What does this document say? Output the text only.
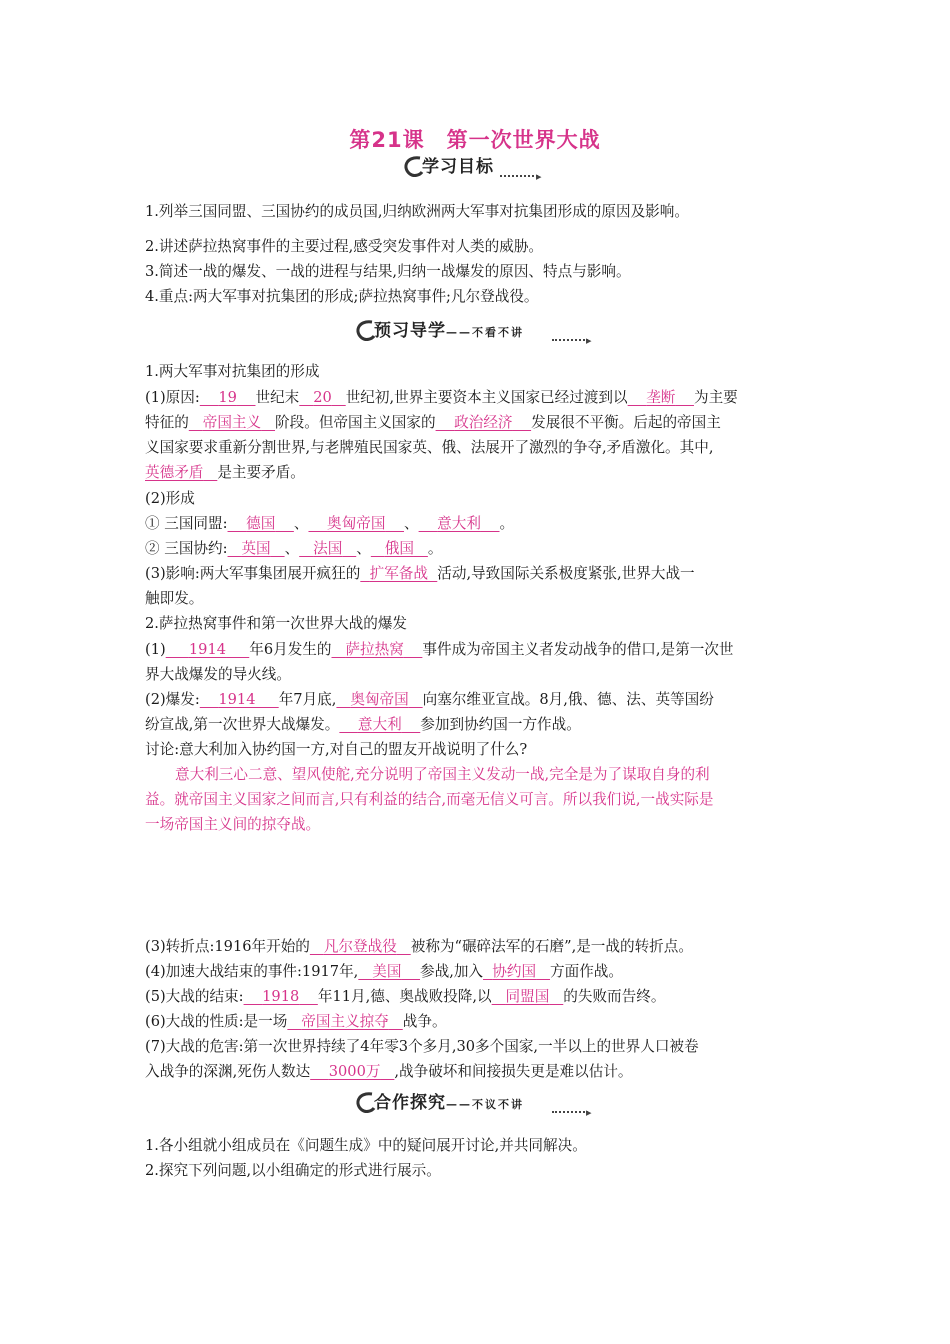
第21课　第一次世界大战
学习目标	▸
1.列举三国同盟、三国协约的成员国,归纳欧洲两大军事对抗集团形成的原因及影响。
2.讲述萨拉热窝事件的主要过程,感受突发事件对人类的威胁。
3.简述一战的爆发、一战的进程与结果,归纳一战爆发的原因、特点与影响。
4.重点:两大军事对抗集团的形成;萨拉热窝事件;凡尔登战役。
预习导学——不看不讲
▸
1.两大军事对抗集团的形成
(1)原因: 19 世纪末 20 世纪初,世界主要资本主义国家已经过渡到以 垄断 为主要
特征的 帝国主义 阶段。但帝国主义国家的 政治经济 发展很不平衡。后起的帝国主
义国家要求重新分割世界,与老牌殖民国家英、俄、法展开了激烈的争夺,矛盾激化。其中,
英德矛盾 是主要矛盾。
(2)形成
① 三国同盟: 德国 、 奥匈帝国 、 意大利 。
② 三国协约: 英国 、 法国 、 俄国 。
(3)影响:两大军事集团展开疯狂的 扩军备战 活动,导致国际关系极度紧张,世界大战一
触即发。
2.萨拉热窝事件和第一次世界大战的爆发
(1) 1914 年6月发生的 萨拉热窝 事件成为帝国主义者发动战争的借口,是第一次世
界大战爆发的导火线。
(2)爆发: 1914 年7月底, 奥匈帝国 向塞尔维亚宣战。8月,俄、德、法、英等国纷
纷宣战,第一次世界大战爆发。 意大利 参加到协约国一方作战。
讨论:意大利加入协约国一方,对自己的盟友开战说明了什么?
意大利三心二意、望风使舵,充分说明了帝国主义发动一战,完全是为了谋取自身的利
益。就帝国主义国家之间而言,只有利益的结合,而毫无信义可言。所以我们说,一战实际是
一场帝国主义间的掠夺战。
(3)转折点:1916年开始的 凡尔登战役 被称为“碾碎法军的石磨”,是一战的转折点。
(4)加速大战结束的事件:1917年, 美国 参战,加入 协约国 方面作战。
(5)大战的结束: 1918 年11月,德、奥战败投降,以 同盟国 的失败而告终。
(6)大战的性质:是一场 帝国主义掠夺 战争。
(7)大战的危害:第一次世界持续了4年零3个多月,30多个国家,一半以上的世界人口被卷
入战争的深渊,死伤人数达 3000万 ,战争破坏和间接损失更是难以估计。
合作探究——不议不讲
▸
1.各小组就小组成员在《问题生成》中的疑问展开讨论,并共同解决。
2.探究下列问题,以小组确定的形式进行展示。
